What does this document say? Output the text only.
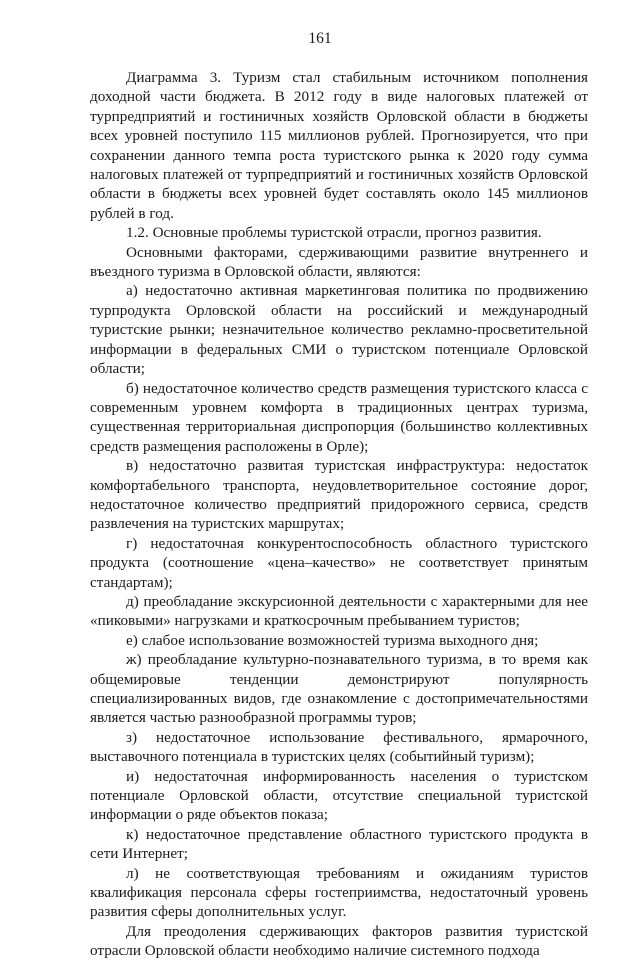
161

Диаграмма 3. Туризм стал стабильным источником пополнения доходной части бюджета. В 2012 году в виде налоговых платежей от турпредприятий и гостиничных хозяйств Орловской области в бюджеты всех уровней поступило 115 миллионов рублей. Прогнозируется, что при сохранении данного темпа роста туристского рынка к 2020 году сумма налоговых платежей от турпредприятий и гостиничных хозяйств Орловской области в бюджеты всех уровней будет составлять около 145 миллионов рублей в год.

1.2. Основные проблемы туристской отрасли, прогноз развития.

Основными факторами, сдерживающими развитие внутреннего и въездного туризма в Орловской области, являются:

а) недостаточно активная маркетинговая политика по продвижению турпродукта Орловской области на российский и международный туристские рынки; незначительное количество рекламно-просветительной информации в федеральных СМИ о туристском потенциале Орловской области;

б) недостаточное количество средств размещения туристского класса с современным уровнем комфорта в традиционных центрах туризма, существенная территориальная диспропорция (большинство коллективных средств размещения расположены в Орле);

в) недостаточно развитая туристская инфраструктура: недостаток комфортабельного транспорта, неудовлетворительное состояние дорог, недостаточное количество предприятий придорожного сервиса, средств развлечения на туристских маршрутах;

г) недостаточная конкурентоспособность областного туристского продукта (соотношение «цена–качество» не соответствует принятым стандартам);

д) преобладание экскурсионной деятельности с характерными для нее «пиковыми» нагрузками и краткосрочным пребыванием туристов;

е) слабое использование возможностей туризма выходного дня;

ж) преобладание культурно-познавательного туризма, в то время как общемировые тенденции демонстрируют популярность специализированных видов, где ознакомление с достопримечательностями является частью разнообразной программы туров;

з) недостаточное использование фестивального, ярмарочного, выставочного потенциала в туристских целях (событийный туризм);

и) недостаточная информированность населения о туристском потенциале Орловской области, отсутствие специальной туристской информации о ряде объектов показа;

к) недостаточное представление областного туристского продукта в сети Интернет;

л) не соответствующая требованиям и ожиданиям туристов квалификация персонала сферы гостеприимства, недостаточный уровень развития сферы дополнительных услуг.

Для преодоления сдерживающих факторов развития туристской отрасли Орловской области необходимо наличие системного подхода
